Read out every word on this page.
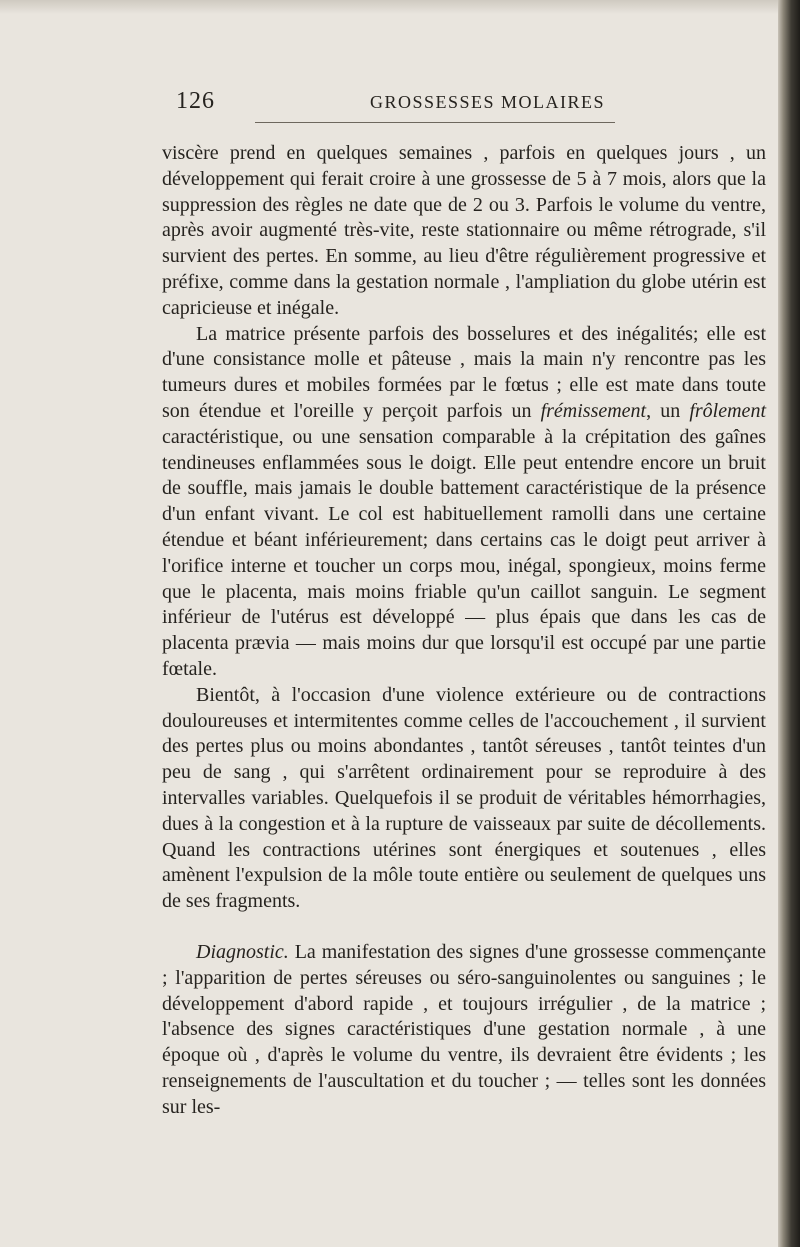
126	GROSSESSES MOLAIRES

viscère prend en quelques semaines , parfois en quelques jours , un développement qui ferait croire à une grossesse de 5 à 7 mois, alors que la suppression des règles ne date que de 2 ou 3. Parfois le volume du ventre, après avoir augmenté très-vite, reste stationnaire ou même rétrograde, s'il survient des pertes. En somme, au lieu d'être régulièrement progressive et préfixe, comme dans la gestation normale , l'ampliation du globe utérin est capricieuse et inégale.

La matrice présente parfois des bosselures et des inégalités; elle est d'une consistance molle et pâteuse , mais la main n'y rencontre pas les tumeurs dures et mobiles formées par le fœtus ; elle est mate dans toute son étendue et l'oreille y perçoit parfois un frémissement, un frôlement caractéristique, ou une sensation comparable à la crépitation des gaînes tendineuses enflammées sous le doigt. Elle peut entendre encore un bruit de souffle, mais jamais le double battement caractéristique de la présence d'un enfant vivant. Le col est habituellement ramolli dans une certaine étendue et béant inférieurement; dans certains cas le doigt peut arriver à l'orifice interne et toucher un corps mou, inégal, spongieux, moins ferme que le placenta, mais moins friable qu'un caillot sanguin. Le segment inférieur de l'utérus est développé — plus épais que dans les cas de placenta prævia — mais moins dur que lorsqu'il est occupé par une partie fœtale.

Bientôt, à l'occasion d'une violence extérieure ou de contractions douloureuses et intermitentes comme celles de l'accouchement , il survient des pertes plus ou moins abondantes , tantôt séreuses , tantôt teintes d'un peu de sang , qui s'arrêtent ordinairement pour se reproduire à des intervalles variables. Quelquefois il se produit de véritables hémorrhagies, dues à la congestion et à la rupture de vaisseaux par suite de décollements. Quand les contractions utérines sont énergiques et soutenues , elles amènent l'expulsion de la môle toute entière ou seulement de quelques uns de ses fragments.

Diagnostic. La manifestation des signes d'une grossesse commençante ; l'apparition de pertes séreuses ou séro-sanguinolentes ou sanguines ; le développement d'abord rapide , et toujours irrégulier , de la matrice ; l'absence des signes caractéristiques d'une gestation normale , à une époque où , d'après le volume du ventre, ils devraient être évidents ; les renseignements de l'auscultation et du toucher ; — telles sont les données sur les-
